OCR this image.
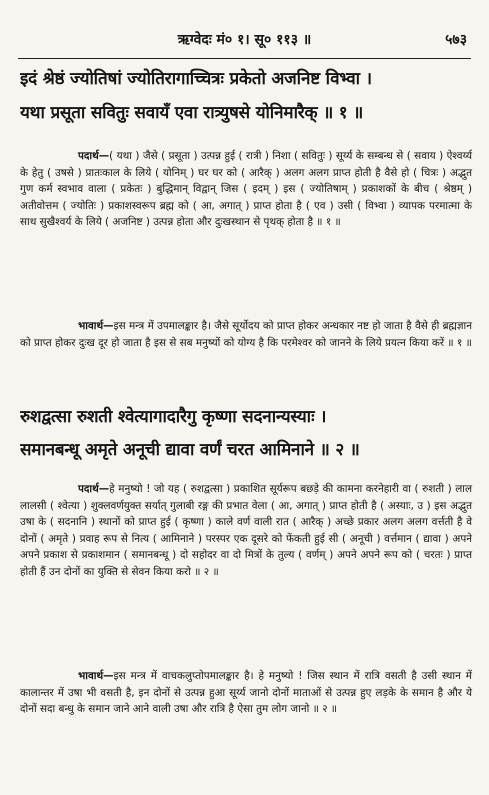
ऋग्वेदः मं० १। सू० ११३ ॥	५७३
इदं श्रेष्ठं ज्योतिषां ज्योतिरागाच्चित्रः प्रकेतो अजनिष्ट विभ्वा ।
यथा प्रसूता सवितुः सवायँ एवा रात्र्युषसे योनिमारैक् ॥ १ ॥
पदार्थ—( यथा ) जैसे ( प्रसूता ) उत्पन्न हुई ( रात्री ) निशा ( सवितुः ) सूर्य्य के सम्बन्ध से ( सवाय ) ऐश्वर्य्य के हेतु ( उषसे ) प्रातःकाल के लिये ( योनिम् ) घर घर को ( आरैक् ) अलग अलग प्राप्त होती है वैसे हो ( चित्रः ) अद्भुत गुण कर्म स्वभाव वाला ( प्रकेतः ) बुद्धिमान् विद्वान् जिस ( इदम् ) इस ( ज्योतिषाम् ) प्रकाशकों के बीच ( श्रेष्ठम् ) अतीवोत्तम ( ज्योतिः ) प्रकाशस्वरूप ब्रह्म को ( आ, अगात् ) प्राप्त होता है ( एव ) उसी ( विभ्वा ) व्यापक परमात्मा के साथ सुखैश्वर्य के लिये ( अजनिष्ट ) उत्पन्न होता और दुःखस्थान से पृथक् होता है ॥ १ ॥
भावार्थ—इस मन्त्र में उपमालङ्कार है। जैसे सूर्योदय को प्राप्त होकर अन्धकार नष्ट हो जाता है वैसे ही ब्रह्मज्ञान को प्राप्त होकर दुःख दूर हो जाता है इस से सब मनुष्यों को योग्य है कि परमेश्वर को जानने के लिये प्रयत्न किया करें ॥ १ ॥
रुशद्वत्सा रुशती श्वेत्यागादारैगु कृष्णा सदनान्यस्याः ।
समानबन्धू अमृते अनूची द्यावा वर्णं चरत आमिनाने ॥ २ ॥
पदार्थ—हे मनुष्यो ! जो यह ( रुशद्वत्सा ) प्रकाशित सूर्यरूप बछड़े की कामना करनेहारी वा ( रुशती ) लाल लालसी ( श्वेत्या ) शुक्लवर्णयुक्त सर्यात् गुलाबी रङ्ग की प्रभात वेला ( आ, अगात् ) प्राप्त होती है ( अस्याः, उ ) इस अद्भुत उषा के ( सदनानि ) स्थानों को प्राप्त हुई ( कृष्णा ) काले वर्ण वाली रात ( आरैक् ) अच्छे प्रकार अलग अलग वर्त्तती है वे दोनों ( अमृते ) प्रवाह रूप से नित्य ( आमिनाने ) परस्पर एक दूसरे को फेंकती हुई सी ( अनूची ) वर्त्तमान ( द्यावा ) अपने अपने प्रकाश से प्रकाशमान ( समानबन्धू ) दो सहोदर वा दो मित्रों के तुल्य ( वर्णम् ) अपने अपने रूप को ( चरतः ) प्राप्त होती हैं उन दोनों का युक्ति से सेवन किया करो ॥ २ ॥
भावार्थ—इस मन्त्र में वाचकलुप्तोपमालङ्कार है। हे मनुष्यो ! जिस स्थान में रात्रि वसती है उसी स्थान में कालान्तर में उषा भी वसती है, इन दोनों से उत्पन्न हुआ सूर्य्य जानो दोनों माताओं से उत्पन्न हुए लड़के के समान है और ये दोनों सदा बन्धु के समान जाने आने वाली उषा और रात्रि है ऐसा तुम लोग जानो ॥ २ ॥
